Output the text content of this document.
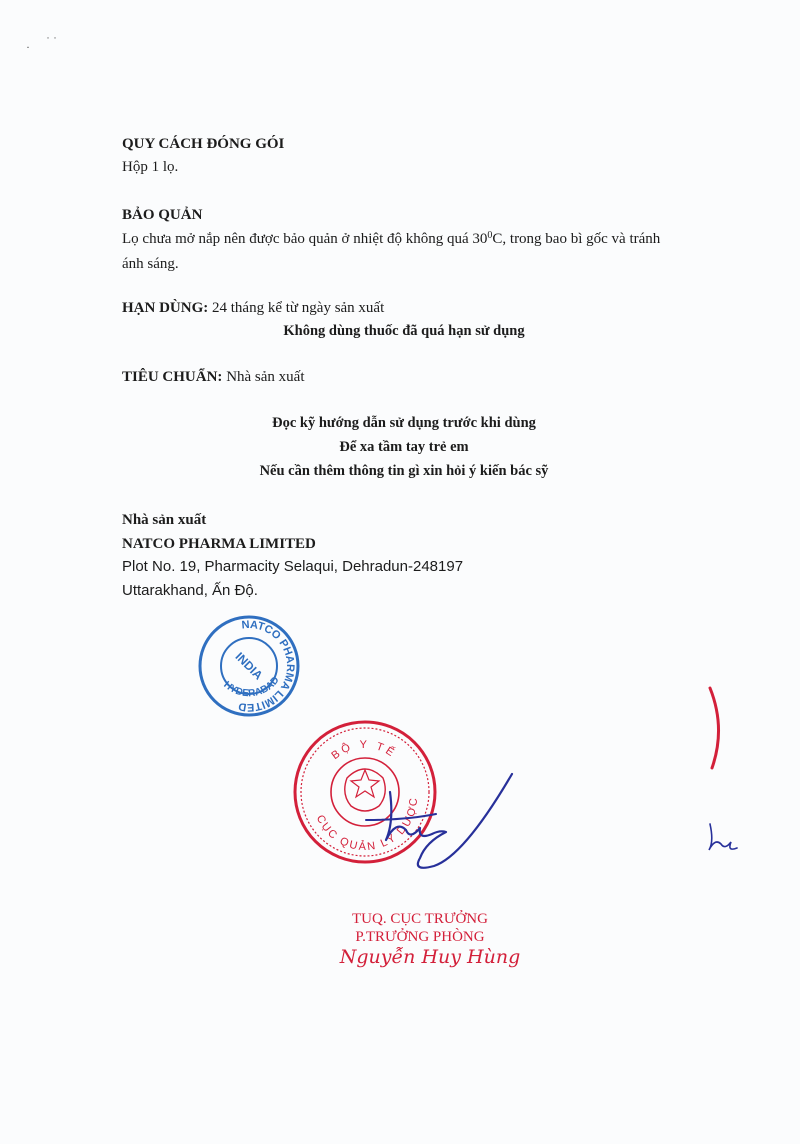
· ˙ ˙
QUY CÁCH ĐÓNG GÓI
Hộp 1 lọ.
BẢO QUẢN
Lọ chưa mở nắp nên được bảo quản ở nhiệt độ không quá $30^0C$, trong bao bì gốc và tránh
ánh sáng.
HẠN DÙNG: 24 tháng kể từ ngày sản xuất
Không dùng thuốc đã quá hạn sử dụng
TIÊU CHUẨN: Nhà sản xuất
Đọc kỹ hướng dẫn sử dụng trước khi dùng
Để xa tầm tay trẻ em
Nếu cần thêm thông tin gì xin hỏi ý kiến bác sỹ
Nhà sản xuất
NATCO PHARMA LIMITED
Plot No. 19, Pharmacity Selaqui, Dehradun-248197
Uttarakhand, Ấn Độ.
NATCO PHARMA LIMITED
HYDERABAD
INDIA
BỘ Y TẾ
CỤC QUẢN LÝ DƯỢC
TUQ. CỤC TRƯỞNG
P.TRƯỞNG PHÒNG
Nguyễn Huy Hùng
